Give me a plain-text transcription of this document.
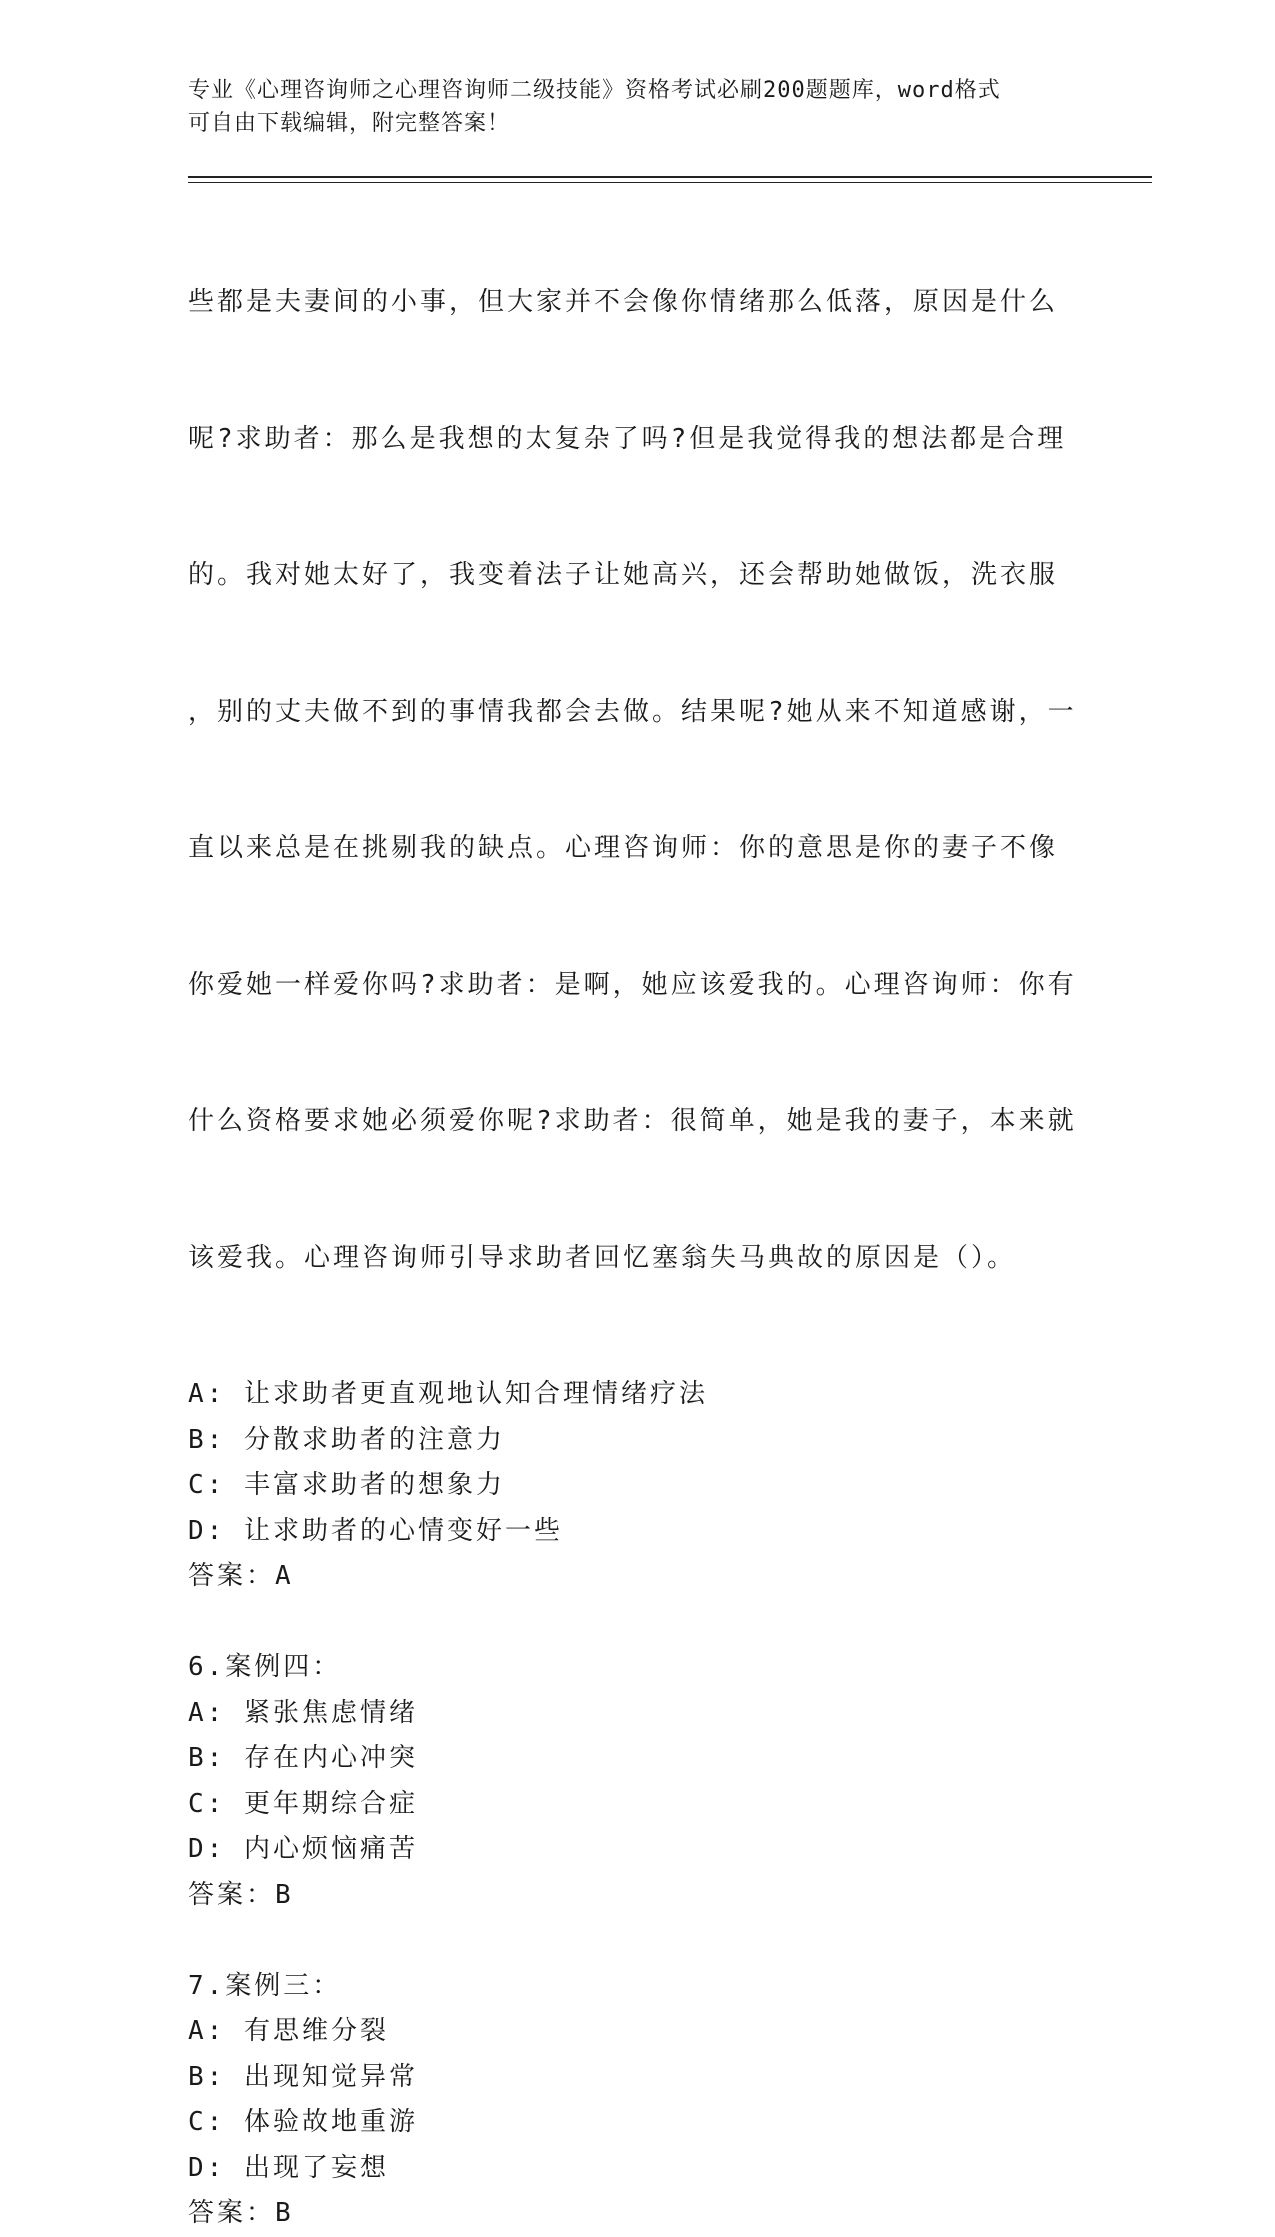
专业《心理咨询师之心理咨询师二级技能》资格考试必刷200题题库，word格式
可自由下载编辑，附完整答案！

些都是夫妻间的小事，但大家并不会像你情绪那么低落，原因是什么

呢?求助者：那么是我想的太复杂了吗?但是我觉得我的想法都是合理

的。我对她太好了，我变着法子让她高兴，还会帮助她做饭，洗衣服

，别的丈夫做不到的事情我都会去做。结果呢?她从来不知道感谢，一

直以来总是在挑剔我的缺点。心理咨询师：你的意思是你的妻子不像

你爱她一样爱你吗?求助者：是啊，她应该爱我的。心理咨询师：你有

什么资格要求她必须爱你呢?求助者：很简单，她是我的妻子，本来就

该爱我。心理咨询师引导求助者回忆塞翁失马典故的原因是（）。

A: 让求助者更直观地认知合理情绪疗法
B: 分散求助者的注意力
C: 丰富求助者的想象力
D: 让求助者的心情变好一些
答案：A
6.案例四：
A: 紧张焦虑情绪
B: 存在内心冲突
C: 更年期综合症
D: 内心烦恼痛苦
答案：B
7.案例三：
A: 有思维分裂
B: 出现知觉异常
C: 体验故地重游
D: 出现了妄想
答案：B
